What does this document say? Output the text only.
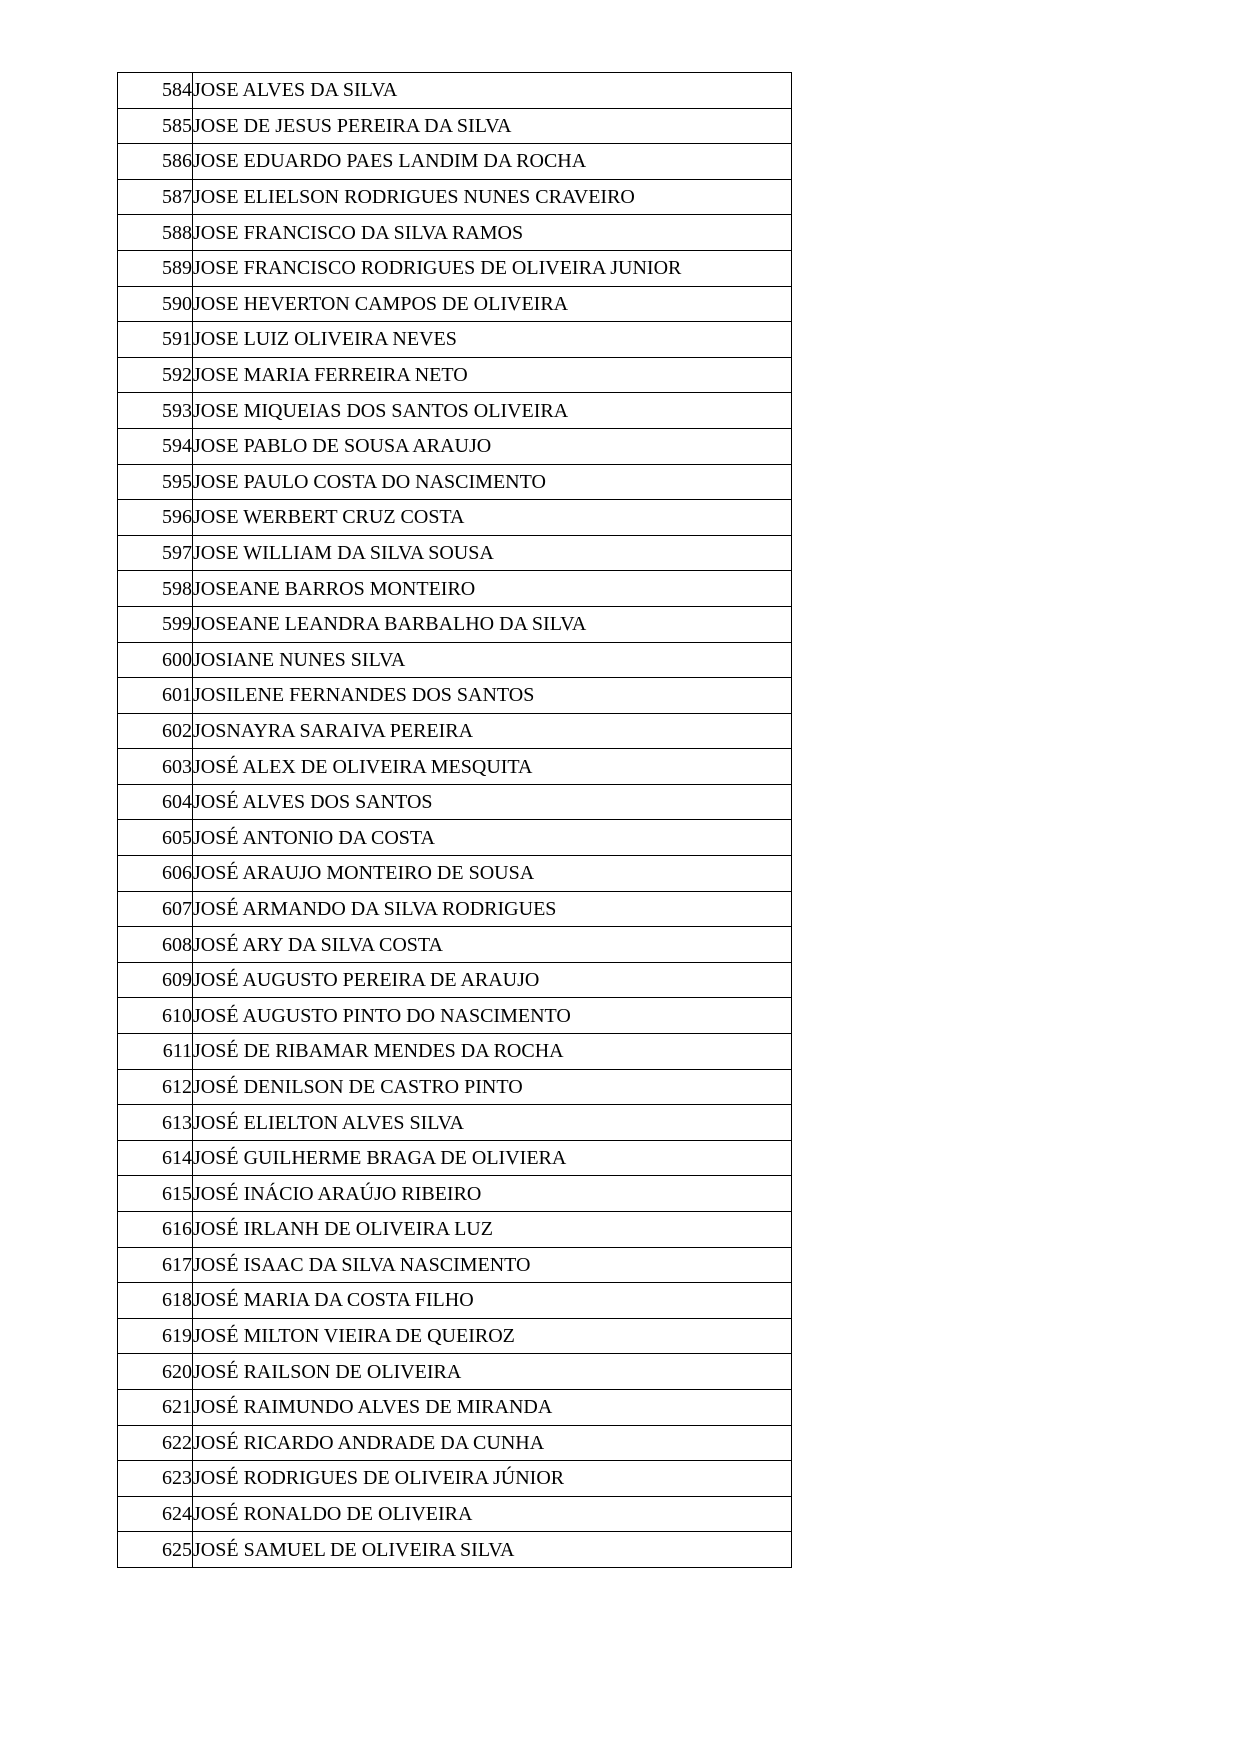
584	JOSE ALVES DA SILVA
585	JOSE DE JESUS PEREIRA DA SILVA
586	JOSE EDUARDO PAES LANDIM DA ROCHA
587	JOSE ELIELSON RODRIGUES NUNES CRAVEIRO
588	JOSE FRANCISCO DA SILVA RAMOS
589	JOSE FRANCISCO RODRIGUES DE OLIVEIRA JUNIOR
590	JOSE HEVERTON CAMPOS DE OLIVEIRA
591	JOSE LUIZ OLIVEIRA NEVES
592	JOSE MARIA FERREIRA NETO
593	JOSE MIQUEIAS DOS SANTOS OLIVEIRA
594	JOSE PABLO DE SOUSA ARAUJO
595	JOSE PAULO COSTA DO NASCIMENTO
596	JOSE WERBERT CRUZ COSTA
597	JOSE WILLIAM DA SILVA SOUSA
598	JOSEANE BARROS MONTEIRO
599	JOSEANE LEANDRA BARBALHO DA SILVA
600	JOSIANE NUNES SILVA
601	JOSILENE FERNANDES DOS SANTOS
602	JOSNAYRA SARAIVA PEREIRA
603	JOSÉ ALEX DE OLIVEIRA MESQUITA
604	JOSÉ ALVES DOS SANTOS
605	JOSÉ ANTONIO DA COSTA
606	JOSÉ ARAUJO MONTEIRO DE SOUSA
607	JOSÉ ARMANDO DA SILVA RODRIGUES
608	JOSÉ ARY DA SILVA COSTA
609	JOSÉ AUGUSTO PEREIRA DE ARAUJO
610	JOSÉ AUGUSTO PINTO DO NASCIMENTO
611	JOSÉ DE RIBAMAR MENDES DA ROCHA
612	JOSÉ DENILSON DE CASTRO PINTO
613	JOSÉ ELIELTON ALVES SILVA
614	JOSÉ GUILHERME BRAGA DE OLIVIERA
615	JOSÉ INÁCIO ARAÚJO RIBEIRO
616	JOSÉ IRLANH DE OLIVEIRA LUZ
617	JOSÉ ISAAC DA SILVA NASCIMENTO
618	JOSÉ MARIA DA COSTA FILHO
619	JOSÉ MILTON VIEIRA DE QUEIROZ
620	JOSÉ RAILSON DE OLIVEIRA
621	JOSÉ RAIMUNDO ALVES DE MIRANDA
622	JOSÉ RICARDO ANDRADE DA CUNHA
623	JOSÉ RODRIGUES DE OLIVEIRA JÚNIOR
624	JOSÉ RONALDO DE OLIVEIRA
625	JOSÉ SAMUEL DE OLIVEIRA SILVA
